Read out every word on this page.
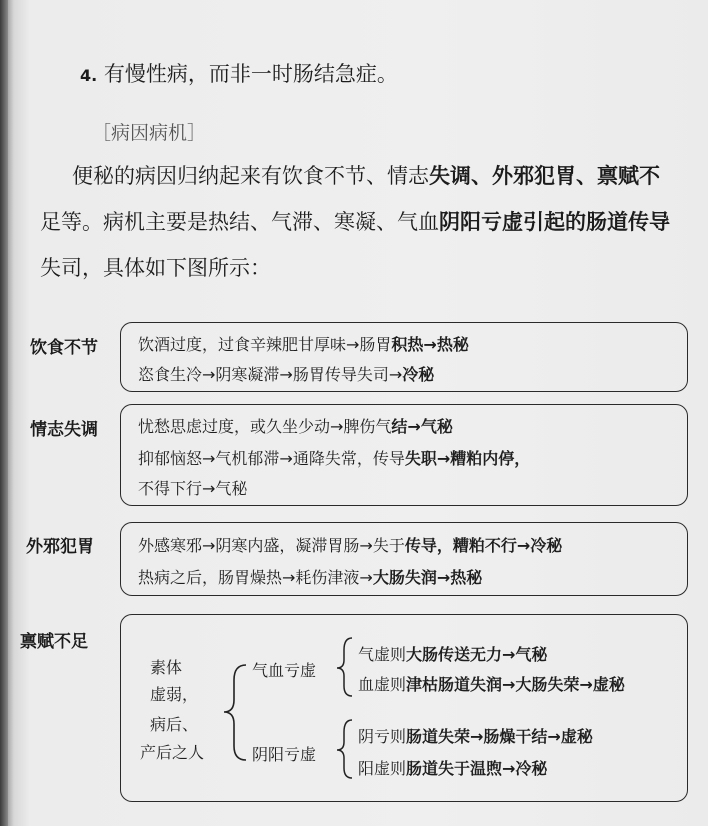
4. 有慢性病，而非一时肠结急症。
［病因病机］
便秘的病因归纳起来有饮食不节、情志失调、外邪犯胃、禀赋不
足等。病机主要是热结、气滞、寒凝、气血阴阳亏虚引起的肠道传导
失司，具体如下图所示：
饮食不节	饮酒过度，过食辛辣肥甘厚味→肠胃积热→热秘
恣食生冷→阴寒凝滞→肠胃传导失司→冷秘
情志失调	忧愁思虑过度，或久坐少动→脾伤气结→气秘
抑郁恼怒→气机郁滞→通降失常，传导失职→糟粕内停，
不得下行→气秘
外邪犯胃	外感寒邪→阴寒内盛，凝滞胃肠→失于传导，糟粕不行→冷秘
热病之后，肠胃燥热→耗伤津液→大肠失润→热秘
禀赋不足
素体
虚弱，
病后、
产后之人
气血亏虚
阴阳亏虚
气虚则大肠传送无力→气秘
血虚则津枯肠道失润→大肠失荣→虚秘
阴亏则肠道失荣→肠燥干结→虚秘
阳虚则肠道失于温煦→冷秘
